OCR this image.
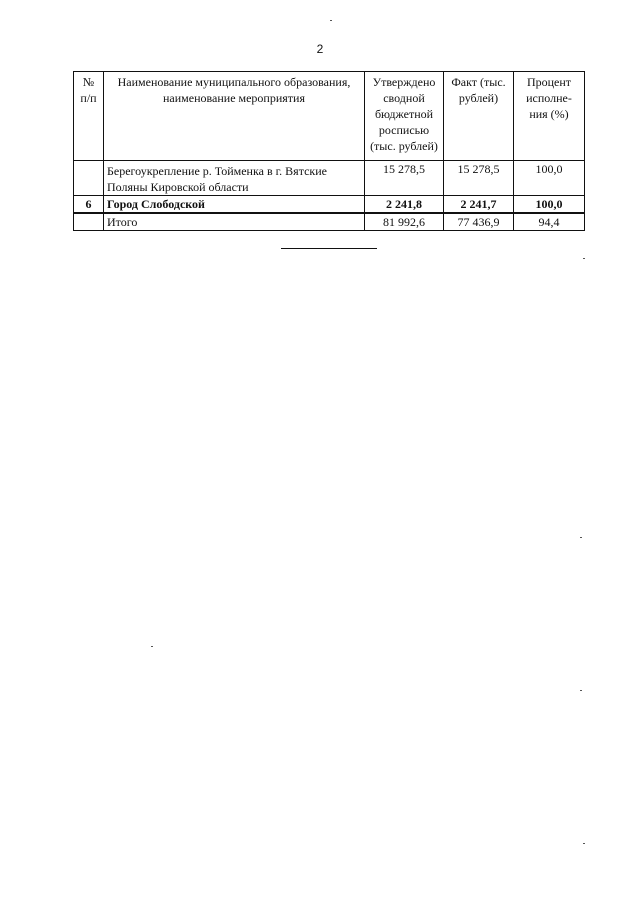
2
№ п/п	Наименование муниципального образования, наименование мероприятия	Утверждено сводной бюджетной росписью (тыс. рублей)	Факт (тыс. рублей)	Процент исполне-ния (%)
	Берегоукрепление р. Тойменка в г. Вятские Поляны Кировской области	15 278,5	15 278,5	100,0
6	Город Слободской	2 241,8	2 241,7	100,0
	Итого	81 992,6	77 436,9	94,4
